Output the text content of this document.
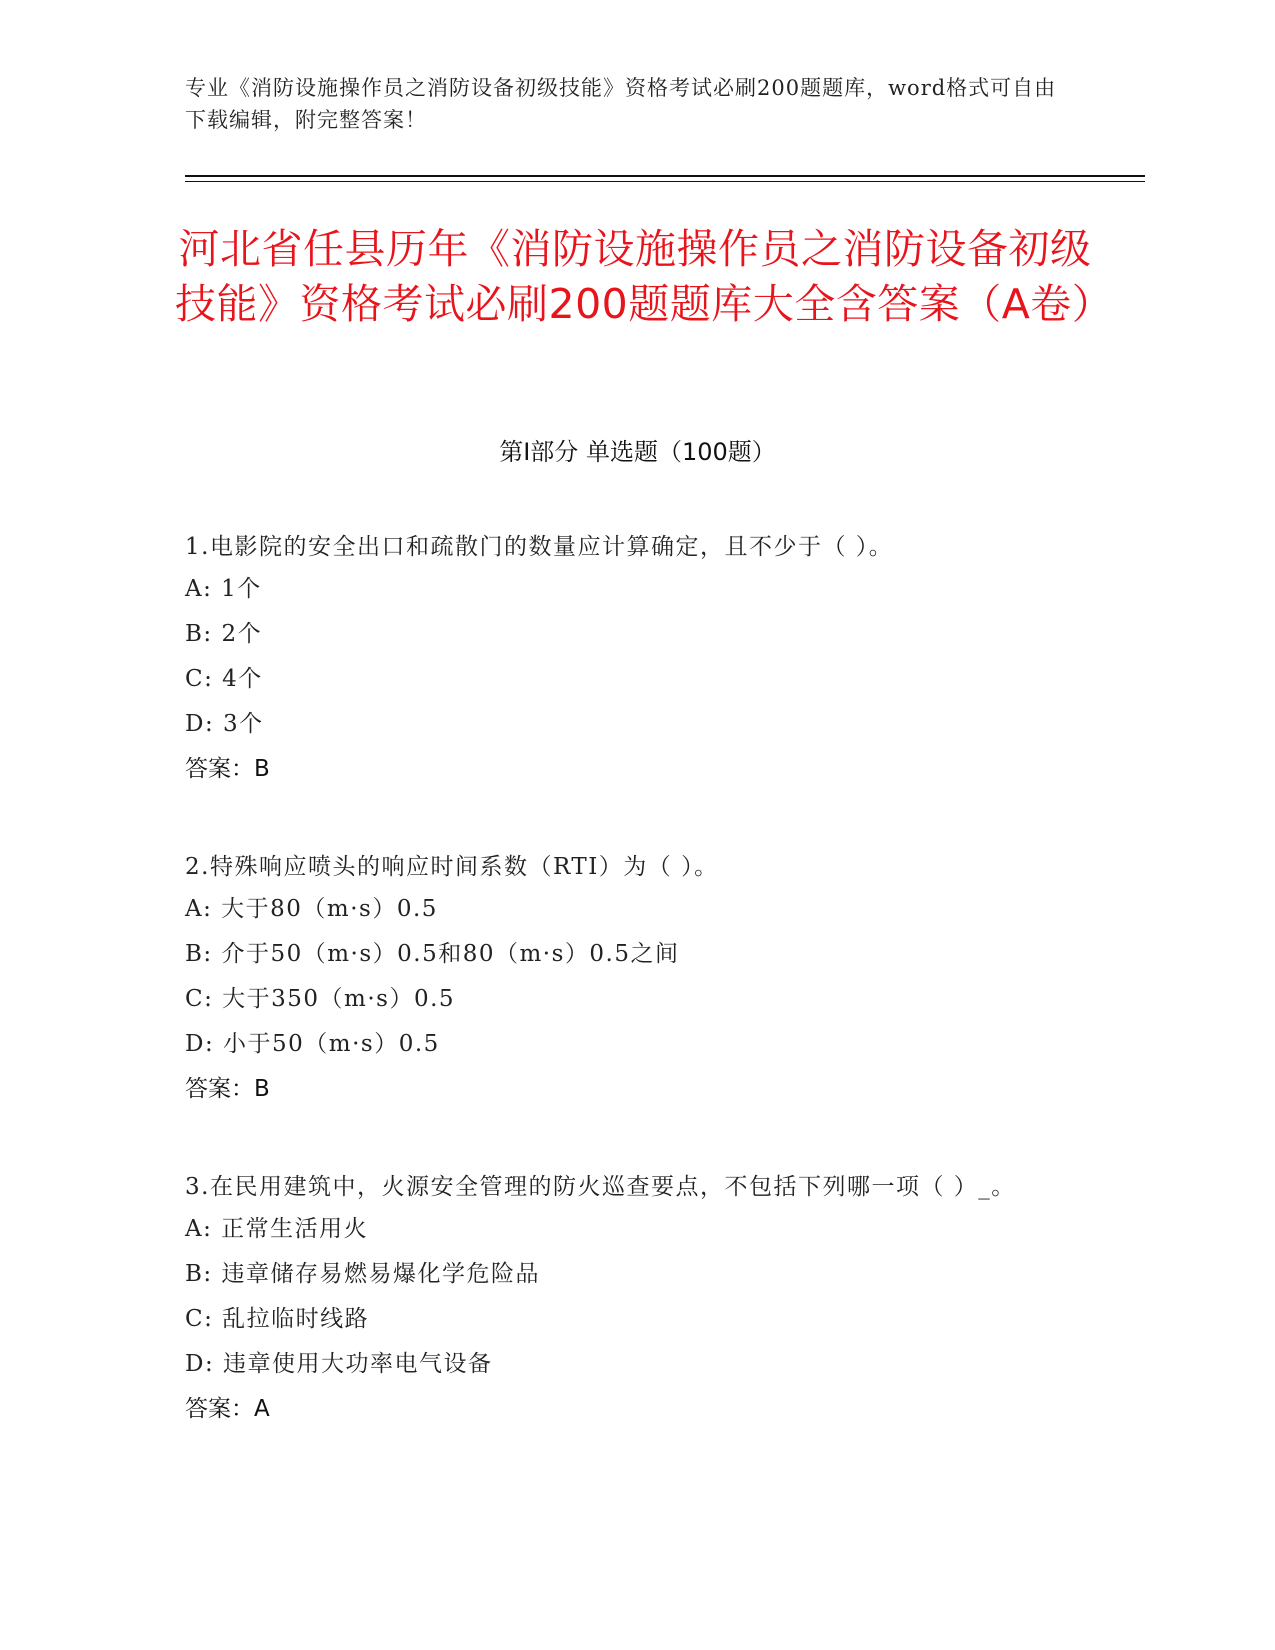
专业《消防设施操作员之消防设备初级技能》资格考试必刷200题题库，word格式可自由下载编辑，附完整答案！
河北省任县历年《消防设施操作员之消防设备初级技能》资格考试必刷200题题库大全含答案（A卷）
第Ⅰ部分 单选题（100题）
1.电影院的安全出口和疏散门的数量应计算确定，且不少于（ ）。
A: 1个
B: 2个
C: 4个
D: 3个
答案：B
2.特殊响应喷头的响应时间系数（RTI）为（ ）。
A: 大于80（m·s）0.5
B: 介于50（m·s）0.5和80（m·s）0.5之间
C: 大于350（m·s）0.5
D: 小于50（m·s）0.5
答案：B
3.在民用建筑中，火源安全管理的防火巡查要点，不包括下列哪一项（ ）_。
A: 正常生活用火
B: 违章储存易燃易爆化学危险品
C: 乱拉临时线路
D: 违章使用大功率电气设备
答案：A
